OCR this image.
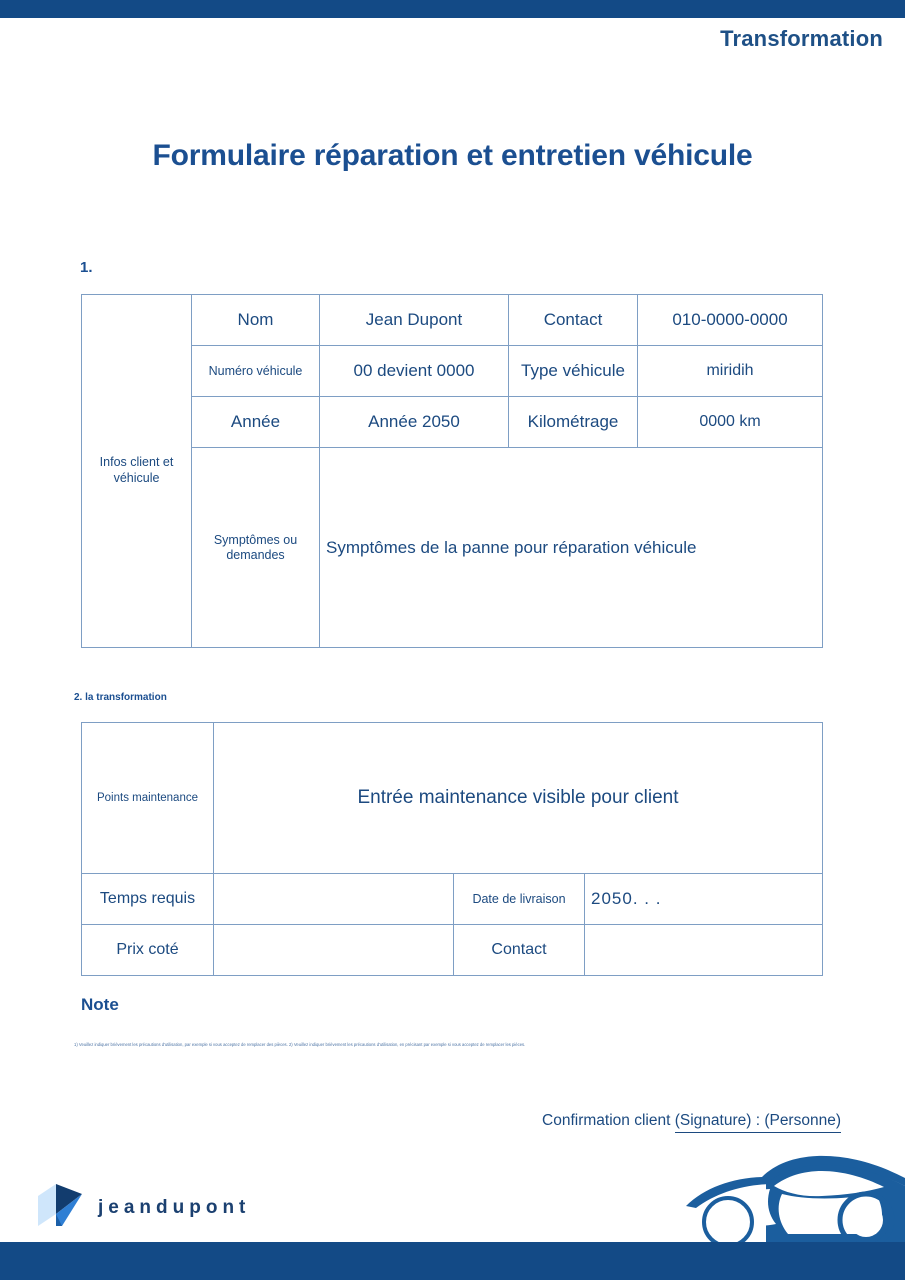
Transformation
Formulaire réparation et entretien véhicule
1.
Infos client et véhicule	Nom	Jean Dupont	Contact	010-0000-0000
	Numéro véhicule	00 devient 0000	Type véhicule	miridih
	Année	Année 2050	Kilométrage	0000 km
	Symptômes ou demandes	Symptômes de la panne pour réparation véhicule		
2. la transformation
Points maintenance	Entrée maintenance visible pour client		
Temps requis		Date de livraison	2050. . .
Prix coté		Contact	
Note
1) Veuillez indiquer brièvement les précautions d'utilisation, par exemple si vous acceptez de remplacer des pièces. 2) Veuillez indiquer brièvement les précautions d'utilisation, en précisant par exemple si vous acceptez de remplacer les pièces.
Confirmation client (Signature) : (Personne)
jeandupont
